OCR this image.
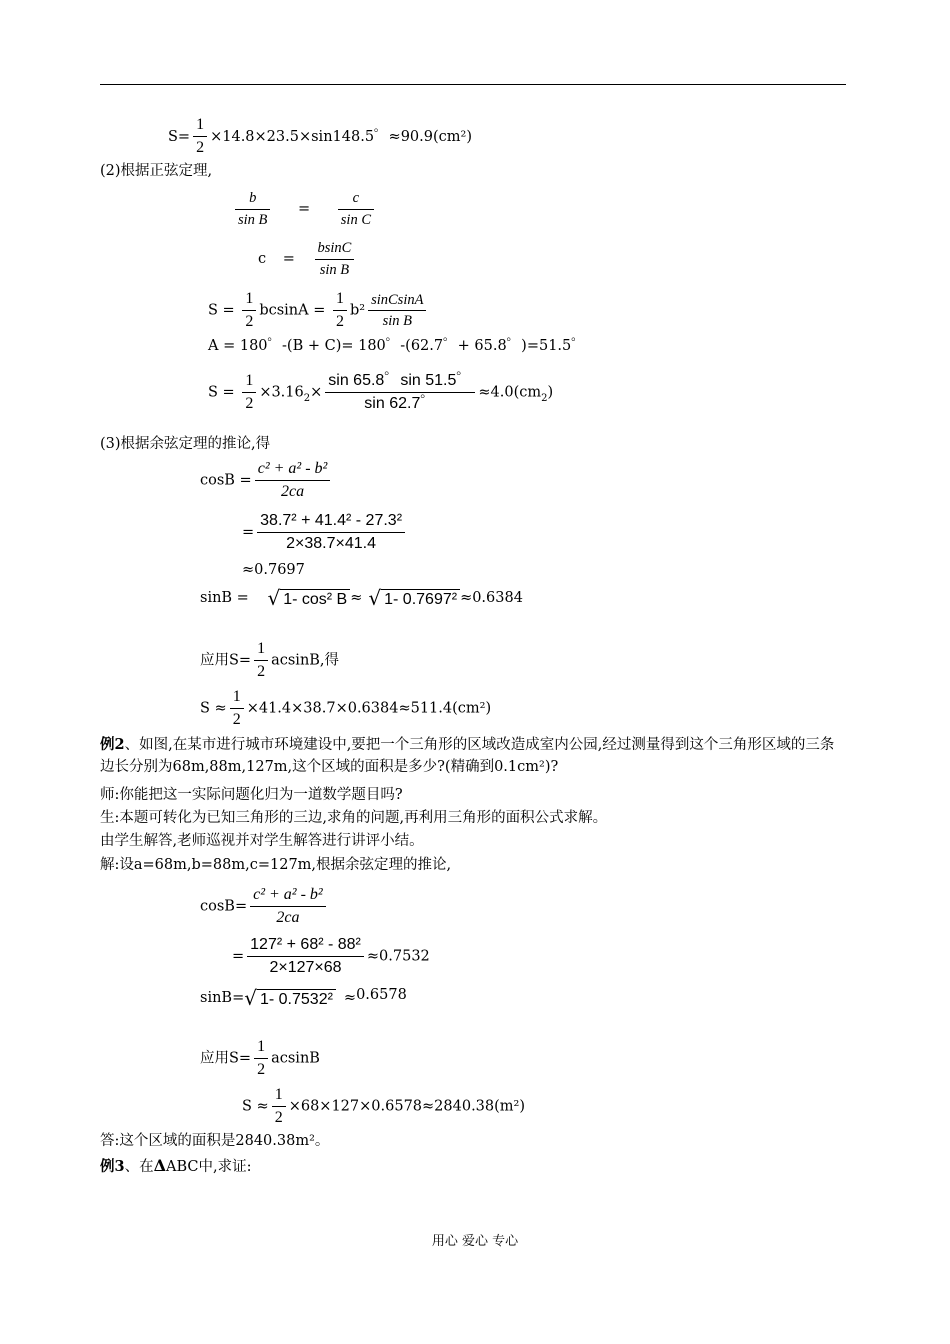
$S= \frac{1}{2} \times 14.8\times 23.5\times\sin 148.5$゜≈90.9(cm²)
(2)根据正弦定理,
$\frac{b}{\text{sin B}} = \frac{c}{\text{sin C}}$
$c = \frac{bsinC}{\text{sin B}}$
$S = \frac{1}{2}$ $bcsinA = \frac{1}{2} b^2 \frac{\text{sinCsinA}}{\text{sin B}}$
A = 180゜-(B + C)= 180゜-(62.7゜+ 65.8゜)=51.5゜
$S = \frac{1}{2} \times 3.16_2\times \frac{\sin 65.8゜\sin 51.5゜}{\sin 62.7゜} \approx 4.0(cm_2)$
(3)根据余弦定理的推论,得
$\cos B = \frac{\text{c² + a² - b²}}{2ca}$
= $\frac{\text{38.7² + 41.4² - 27.3²}}{2\times 38.7\times 41.4}$
≈0.7697
sinB = √ 1- cos² B ≈ √ 1- 0.7697² ≈0.6384
应用$S= \frac{1}{2} acsinB$,得
$S \approx \frac{1}{2} \times 41.4\times 38.7\times 0.6384\approx 511.4(cm^2)$
例2、如图,在某市进行城市环境建设中,要把一个三角形的区域改造成室内公园,经过测量得到这个三角形区域的三条边长分别为68m,88m,127m,这个区域的面积是多少?(精确到0.1cm²)?
师:你能把这一实际问题化归为一道数学题目吗?
生:本题可转化为已知三角形的三边,求角的问题,再利用三角形的面积公式求解。
由学生解答,老师巡视并对学生解答进行讲评小结。
解:设a=68m,b=88m,c=127m,根据余弦定理的推论,
$\cos B= \frac{\text{c² + a² - b²}}{2ca}$
= $\frac{\text{127² + 68² - 88²}}{2\times 127\times 68} \approx 0.7532$
sinB=√ 1- 0.7532² ≈0.6578
应用$S= \frac{1}{2}$ acsinB
$S \approx \frac{1}{2} \times 68\times 127\times 0.6578\approx 2840.38(m^2)$
答:这个区域的面积是2840.38m²。
例3、在ΔABC中,求证:
用心 爱心 专心
